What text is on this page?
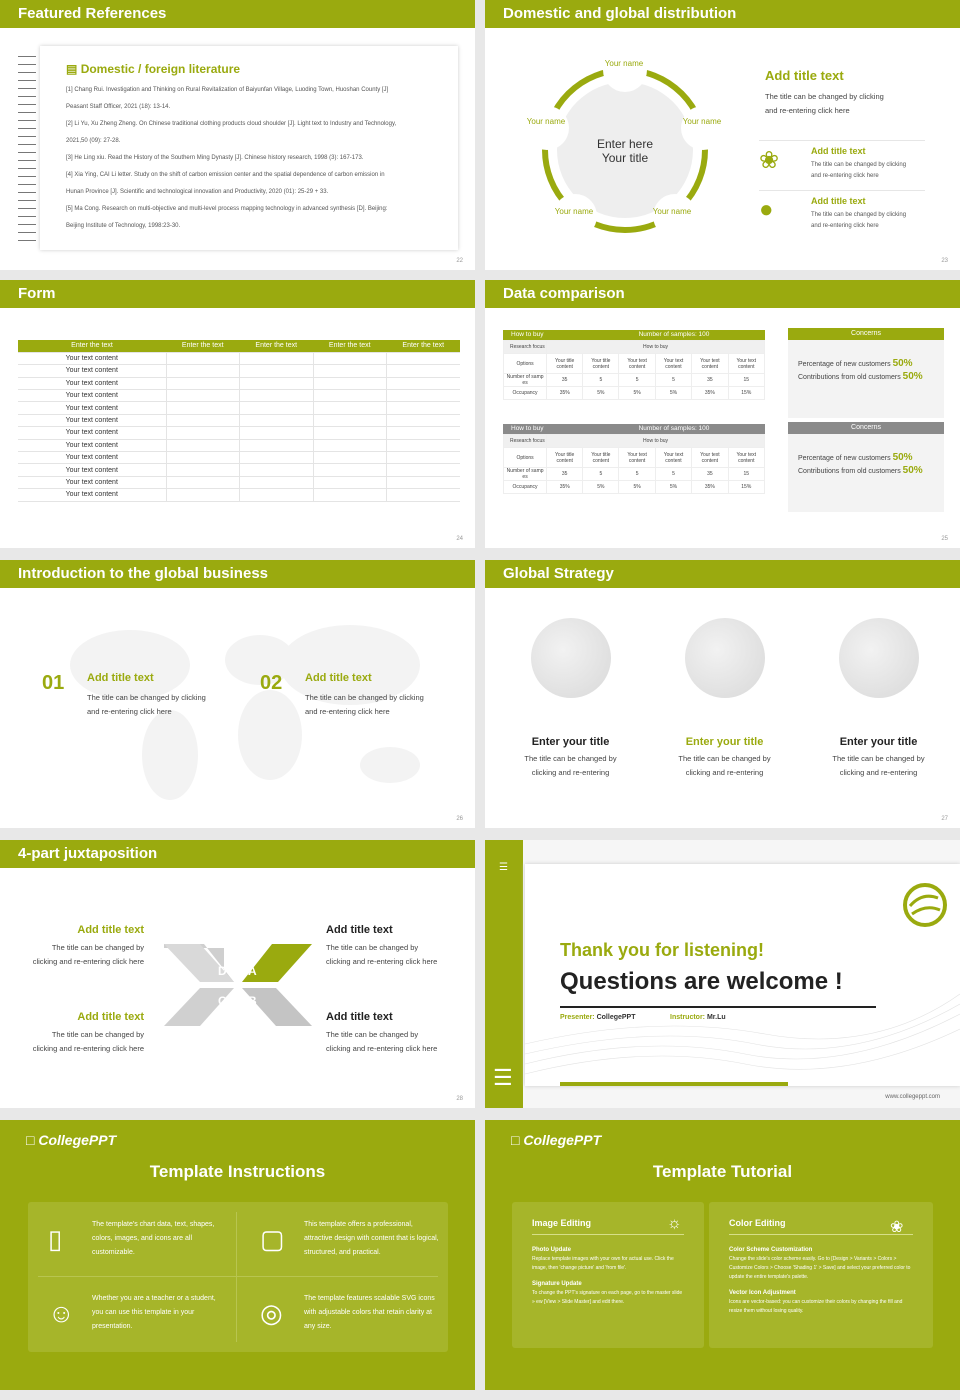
Featured References
▤ Domestic / foreign literature
[1] Chang Rui. Investigation and Thinking on Rural Revitalization of Baiyunfan Village, Luoding Town, Huoshan County [J]
Peasant Staff Officer, 2021 (18): 13-14.
[2] Li Yu, Xu Zheng Zheng. On Chinese traditional clothing products cloud shoulder [J]. Light text to Industry and Technology,
2021,50 (09): 27-28.
[3] He Ling xiu. Read the History of the Southern Ming Dynasty [J]. Chinese history research, 1998 (3): 167-173.
[4] Xia Ying, CAI Li letter. Study on the shift of carbon emission center and the spatial dependence of carbon emission in
Hunan Province [J]. Scientific and technological innovation and Productivity, 2020 (01): 25-29 + 33.
[5] Ma Cong. Research on multi-objective and multi-level process mapping technology in advanced synthesis [D]. Beijing:
Beijing Institute of Technology, 1998:23-30.
22
Domestic and global distribution
Enter here
Your title
Your name
Your name	Your name
Your name	Your name
Add title text
The title can be changed by clicking
and re-entering click here
❀	Add title text
The title can be changed by clicking
and re-entering click here
●	Add title text
The title can be changed by clicking
and re-entering click here
23
Form
Enter the text	Enter the text	Enter the text	Enter the text	Enter the text
Your text content				
Your text content				
Your text content				
Your text content				
Your text content				
Your text content				
Your text content				
Your text content				
Your text content				
Your text content				
Your text content				
Your text content				
24
Data comparison
How to buy	Number of samples: 100
Research focus	How to buy					
Options	Your title content	Your title content	Your text content	Your text content	Your text content	Your text content
Number of samp es	35	5	5	5	35	15
Occupancy	35%	5%	5%	5%	35%	15%
How to buy	Number of samples: 100
Research focus	How to buy					
Options	Your title content	Your title content	Your text content	Your text content	Your text content	Your text content
Number of samp es	35	5	5	5	35	15
Occupancy	35%	5%	5%	5%	35%	15%
Concerns
Percentage of new customers 50%
Contributions from old customers 50%
Concerns
Percentage of new customers 50%
Contributions from old customers 50%
25
Introduction to the global business
01 Add title text
The title can be changed by clicking
and re-entering click here
02 Add title text
The title can be changed by clicking
and re-entering click here
26
Global Strategy
Enter your title
The title can be changed by
clicking and re-entering
Enter your title
The title can be changed by
clicking and re-entering
Enter your title
The title can be changed by
clicking and re-entering
27
4-part juxtaposition
D A
C B
Add title text
The title can be changed by
clicking and re-entering click here
Add title text
The title can be changed by
clicking and re-entering click here
Add title text
The title can be changed by
clicking and re-entering click here
Add title text
The title can be changed by
clicking and re-entering click here
28
☰
☰
Thank you for listening!
Questions are welcome !
Presenter: CollegePPT	Instructor: Mr.Lu
www.collegeppt.com
□ CollegePPT
Template Instructions
▯	The template's chart data, text, shapes, colors, images, and icons are all customizable.	▢	This template offers a professional, attractive design with content that is logical, structured, and practical.
☺ Whether you are a teacher or a student, you can use this template in your presentation.	◎	The template features scalable SVG icons with adjustable colors that retain clarity at any size.
□ CollegePPT
Template Tutorial
Image Editing
Photo Update
Replace template images with your own for actual use. Click the image, then 'change picture' and 'from file'.
Signature Update
To change the PPT's signature on each page, go to the master slide » ew [View > Slide Master] and edit there.
☼	Color Editing
Color Scheme Customization
Change the slide's color scheme easily. Go to [Design > Variants > Colors > Customize Colors > Choose 'Shading 1' > Save] and select your preferred color to update the entire template's palette.
Vector Icon Adjustment
Icons are vector-based: you can customize their colors by changing the fill and resize them without losing quality.
❀
